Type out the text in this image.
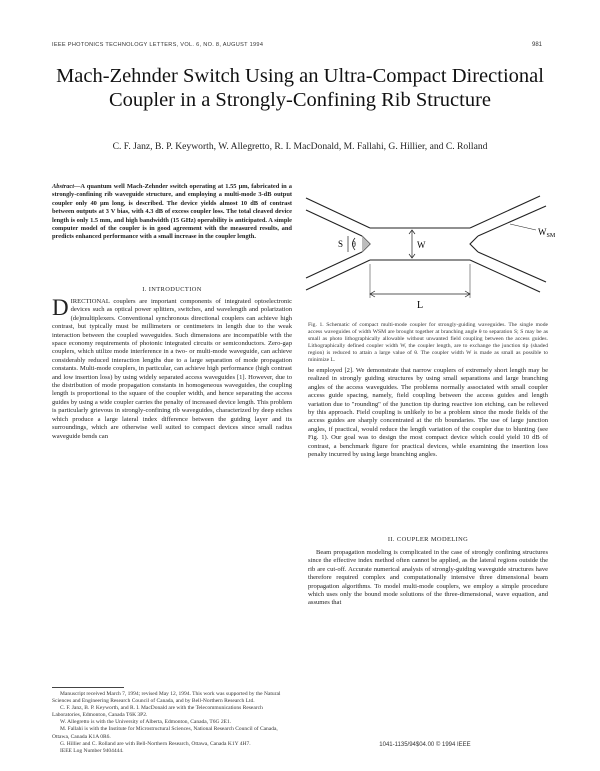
IEEE PHOTONICS TECHNOLOGY LETTERS, VOL. 6, NO. 8, AUGUST 1994	981
Mach-Zehnder Switch Using an Ultra-Compact Directional Coupler in a Strongly-Confining Rib Structure
C. F. Janz, B. P. Keyworth, W. Allegretto, R. I. MacDonald, M. Fallahi, G. Hillier, and C. Rolland
Abstract—A quantum well Mach-Zehnder switch operating at 1.55 μm, fabricated in a strongly-confining rib waveguide structure, and employing a multi-mode 3-dB output coupler only 40 μm long, is described. The device yields almost 10 dB of contrast between outputs at 3 V bias, with 4.3 dB of excess coupler loss. The total cleaved device length is only 1.5 mm, and high bandwidth (15 GHz) operability is anticipated. A simple computer model of the coupler is in good agreement with the measured results, and predicts enhanced performance with a small increase in the coupler length.
I. INTRODUCTION
DIRECTIONAL couplers are important components of integrated optoelectronic devices such as optical power splitters, switches, and wavelength and polarization (de)multiplexers. Conventional synchronous directional couplers can achieve high contrast, but typically must be millimeters or centimeters in length due to the weak interaction between the coupled waveguides. Such dimensions are incompatible with the space economy requirements of photonic integrated circuits or semiconductors. Zero-gap couplers, which utilize mode interference in a two- or multi-mode waveguide, can achieve considerably reduced interaction lengths due to a large separation of mode propagation constants. Multi-mode couplers, in particular, can achieve high performance (high contrast and low insertion loss) by using widely separated access waveguides [1]. However, due to the distribution of mode propagation constants in homogeneous waveguides, the coupling length is proportional to the square of the coupler width, and hence separating the access guides by using a wide coupler carries the penalty of increased device length. This problem is particularly grievous in strongly-confining rib waveguides, characterized by deep etches which produce a large lateral index difference between the guiding layer and its surroundings, which are otherwise well suited to compact devices since small radius waveguide bends can

Manuscript received March 7, 1994; revised May 12, 1994. This work was supported by the Natural Sciences and Engineering Research Council of Canada, and by Bell-Northern Research Ltd.

C. F. Janz, B. P. Keyworth, and R. I. MacDonald are with the Telecommunications Research Laboratories, Edmonton, Canada T6K 3P2.

W. Allegretto is with the University of Alberta, Edmonton, Canada, T6G 2E1.

M. Fallahi is with the Institute for Microstructural Sciences, National Research Council of Canada, Ottawa, Canada K1A 0R6.

G. Hillier and C. Rolland are with Bell-Northern Research, Ottawa, Canada K1Y 4H7.

IEEE Log Number 9404444.

S θ	W
$W_{SM}$
L
Fig. 1. Schematic of compact multi-mode coupler for strongly-guiding waveguides. The single mode access waveguides of width WSM are brought together at branching angle θ to separation S; S may be as small as photo lithographically allowable without unwanted field coupling between the access guides. Lithographically defined coupler width W, the coupler length, are to exchange the junction tip (shaded region) is reduced to attain a large value of θ. The coupler width W is made as small as possible to minimize L.
be employed [2]. We demonstrate that narrow couplers of extremely short length may be realized in strongly guiding structures by using small separations and large branching angles of the access waveguides. The problems normally associated with small coupler access guide spacing, namely, field coupling between the access guides and length variation due to "rounding" of the junction tip during reactive ion etching, can be relieved by this approach. Field coupling is unlikely to be a problem since the mode fields of the access guides are sharply concentrated at the rib boundaries. The use of large junction angles, if practical, would reduce the length variation of the coupler due to blunting (see Fig. 1). Our goal was to design the most compact device which could yield 10 dB of contrast, a benchmark figure for practical devices, while examining the insertion loss penalty incurred by using large branching angles.
II. COUPLER MODELING
Beam propagation modeling is complicated in the case of strongly confining structures since the effective index method often cannot be applied, as the lateral regions outside the rib are cut-off. Accurate numerical analysis of strongly-guiding waveguide structures have therefore required complex and computationally intensive three dimensional beam propagation algorithms. To model multi-mode couplers, we employ a simple procedure which uses only the bound mode solutions of the three-dimensional, wave equation, and assumes that
1041-1135/94$04.00 © 1994 IEEE
